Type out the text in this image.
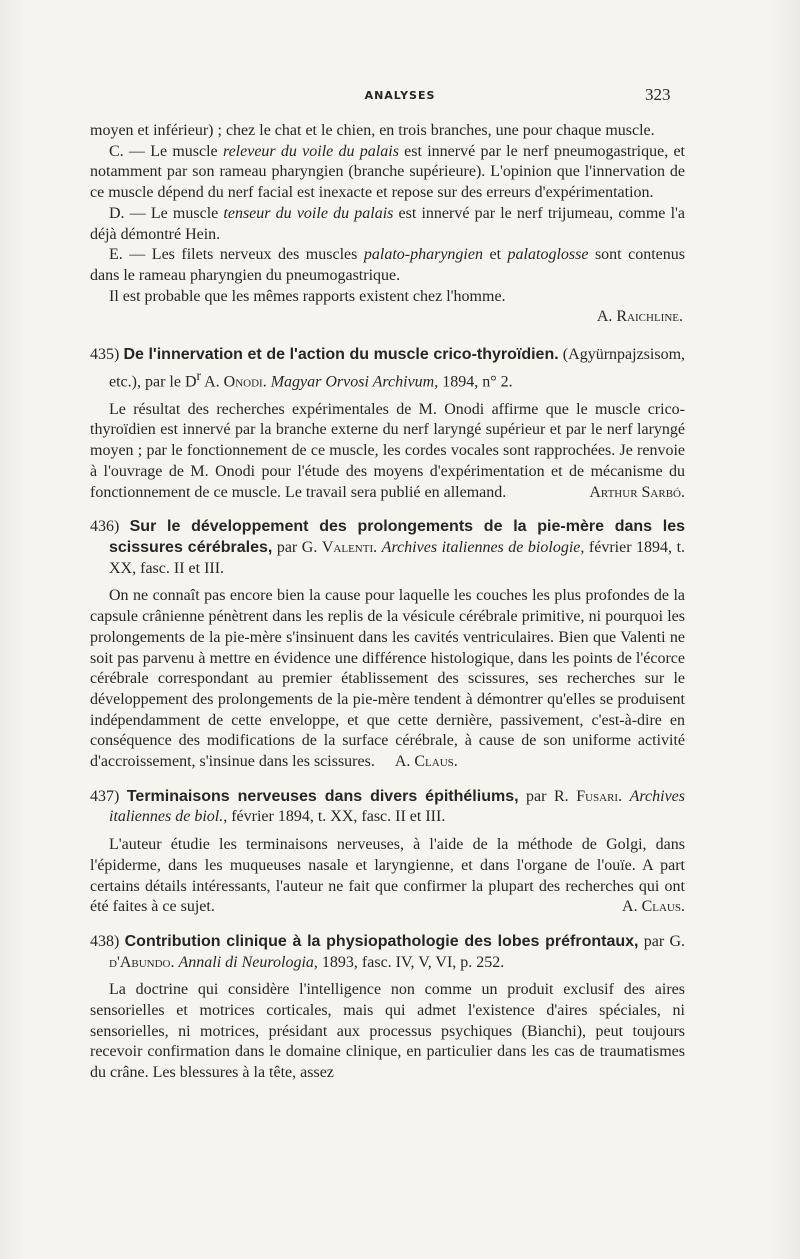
ANALYSES	323

moyen et inférieur) ; chez le chat et le chien, en trois branches, une pour chaque muscle.

C. — Le muscle releveur du voile du palais est innervé par le nerf pneumogastrique, et notamment par son rameau pharyngien (branche supérieure). L'opinion que l'innervation de ce muscle dépend du nerf facial est inexacte et repose sur des erreurs d'expérimentation.

D. — Le muscle tenseur du voile du palais est innervé par le nerf trijumeau, comme l'a déjà démontré Hein.

E. — Les filets nerveux des muscles palato-pharyngien et palatoglosse sont contenus dans le rameau pharyngien du pneumogastrique.

Il est probable que les mêmes rapports existent chez l'homme.

A. Raichline.

435) De l'innervation et de l'action du muscle crico-thyroïdien. (Agyürnpajzsisom, etc.), par le $D^r$ A. Onodi. Magyar Orvosi Archivum, 1894, n° 2.

Le résultat des recherches expérimentales de M. Onodi affirme que le muscle crico-thyroïdien est innervé par la branche externe du nerf laryngé supérieur et par le nerf laryngé moyen ; par le fonctionnement de ce muscle, les cordes vocales sont rapprochées. Je renvoie à l'ouvrage de M. Onodi pour l'étude des moyens d'expérimentation et de mécanisme du fonctionnement de ce muscle. Le travail sera publié en allemand.	Arthur Sarbó.

436) Sur le développement des prolongements de la pie-mère dans les scissures cérébrales, par G. Valenti. Archives italiennes de biologie, février 1894, t. XX, fasc. II et III.

On ne connaît pas encore bien la cause pour laquelle les couches les plus profondes de la capsule crânienne pénètrent dans les replis de la vésicule cérébrale primitive, ni pourquoi les prolongements de la pie-mère s'insinuent dans les cavités ventriculaires. Bien que Valenti ne soit pas parvenu à mettre en évidence une différence histologique, dans les points de l'écorce cérébrale correspondant au premier établissement des scissures, ses recherches sur le développement des prolongements de la pie-mère tendent à démontrer qu'elles se produisent indépendamment de cette enveloppe, et que cette dernière, passivement, c'est-à-dire en conséquence des modifications de la surface cérébrale, à cause de son uniforme activité d'accroissement, s'insinue dans les scissures. A. Claus.

437) Terminaisons nerveuses dans divers épithéliums, par R. Fusari. Archives italiennes de biol., février 1894, t. XX, fasc. II et III.

L'auteur étudie les terminaisons nerveuses, à l'aide de la méthode de Golgi, dans l'épiderme, dans les muqueuses nasale et laryngienne, et dans l'organe de l'ouïe. A part certains détails intéressants, l'auteur ne fait que confirmer la plupart des recherches qui ont été faites à ce sujet.	A. Claus.

438) Contribution clinique à la physiopathologie des lobes préfrontaux, par G. d'Abundo. Annali di Neurologia, 1893, fasc. IV, V, VI, p. 252.

La doctrine qui considère l'intelligence non comme un produit exclusif des aires sensorielles et motrices corticales, mais qui admet l'existence d'aires spéciales, ni sensorielles, ni motrices, présidant aux processus psychiques (Bianchi), peut toujours recevoir confirmation dans le domaine clinique, en particulier dans les cas de traumatismes du crâne. Les blessures à la tête, assez
